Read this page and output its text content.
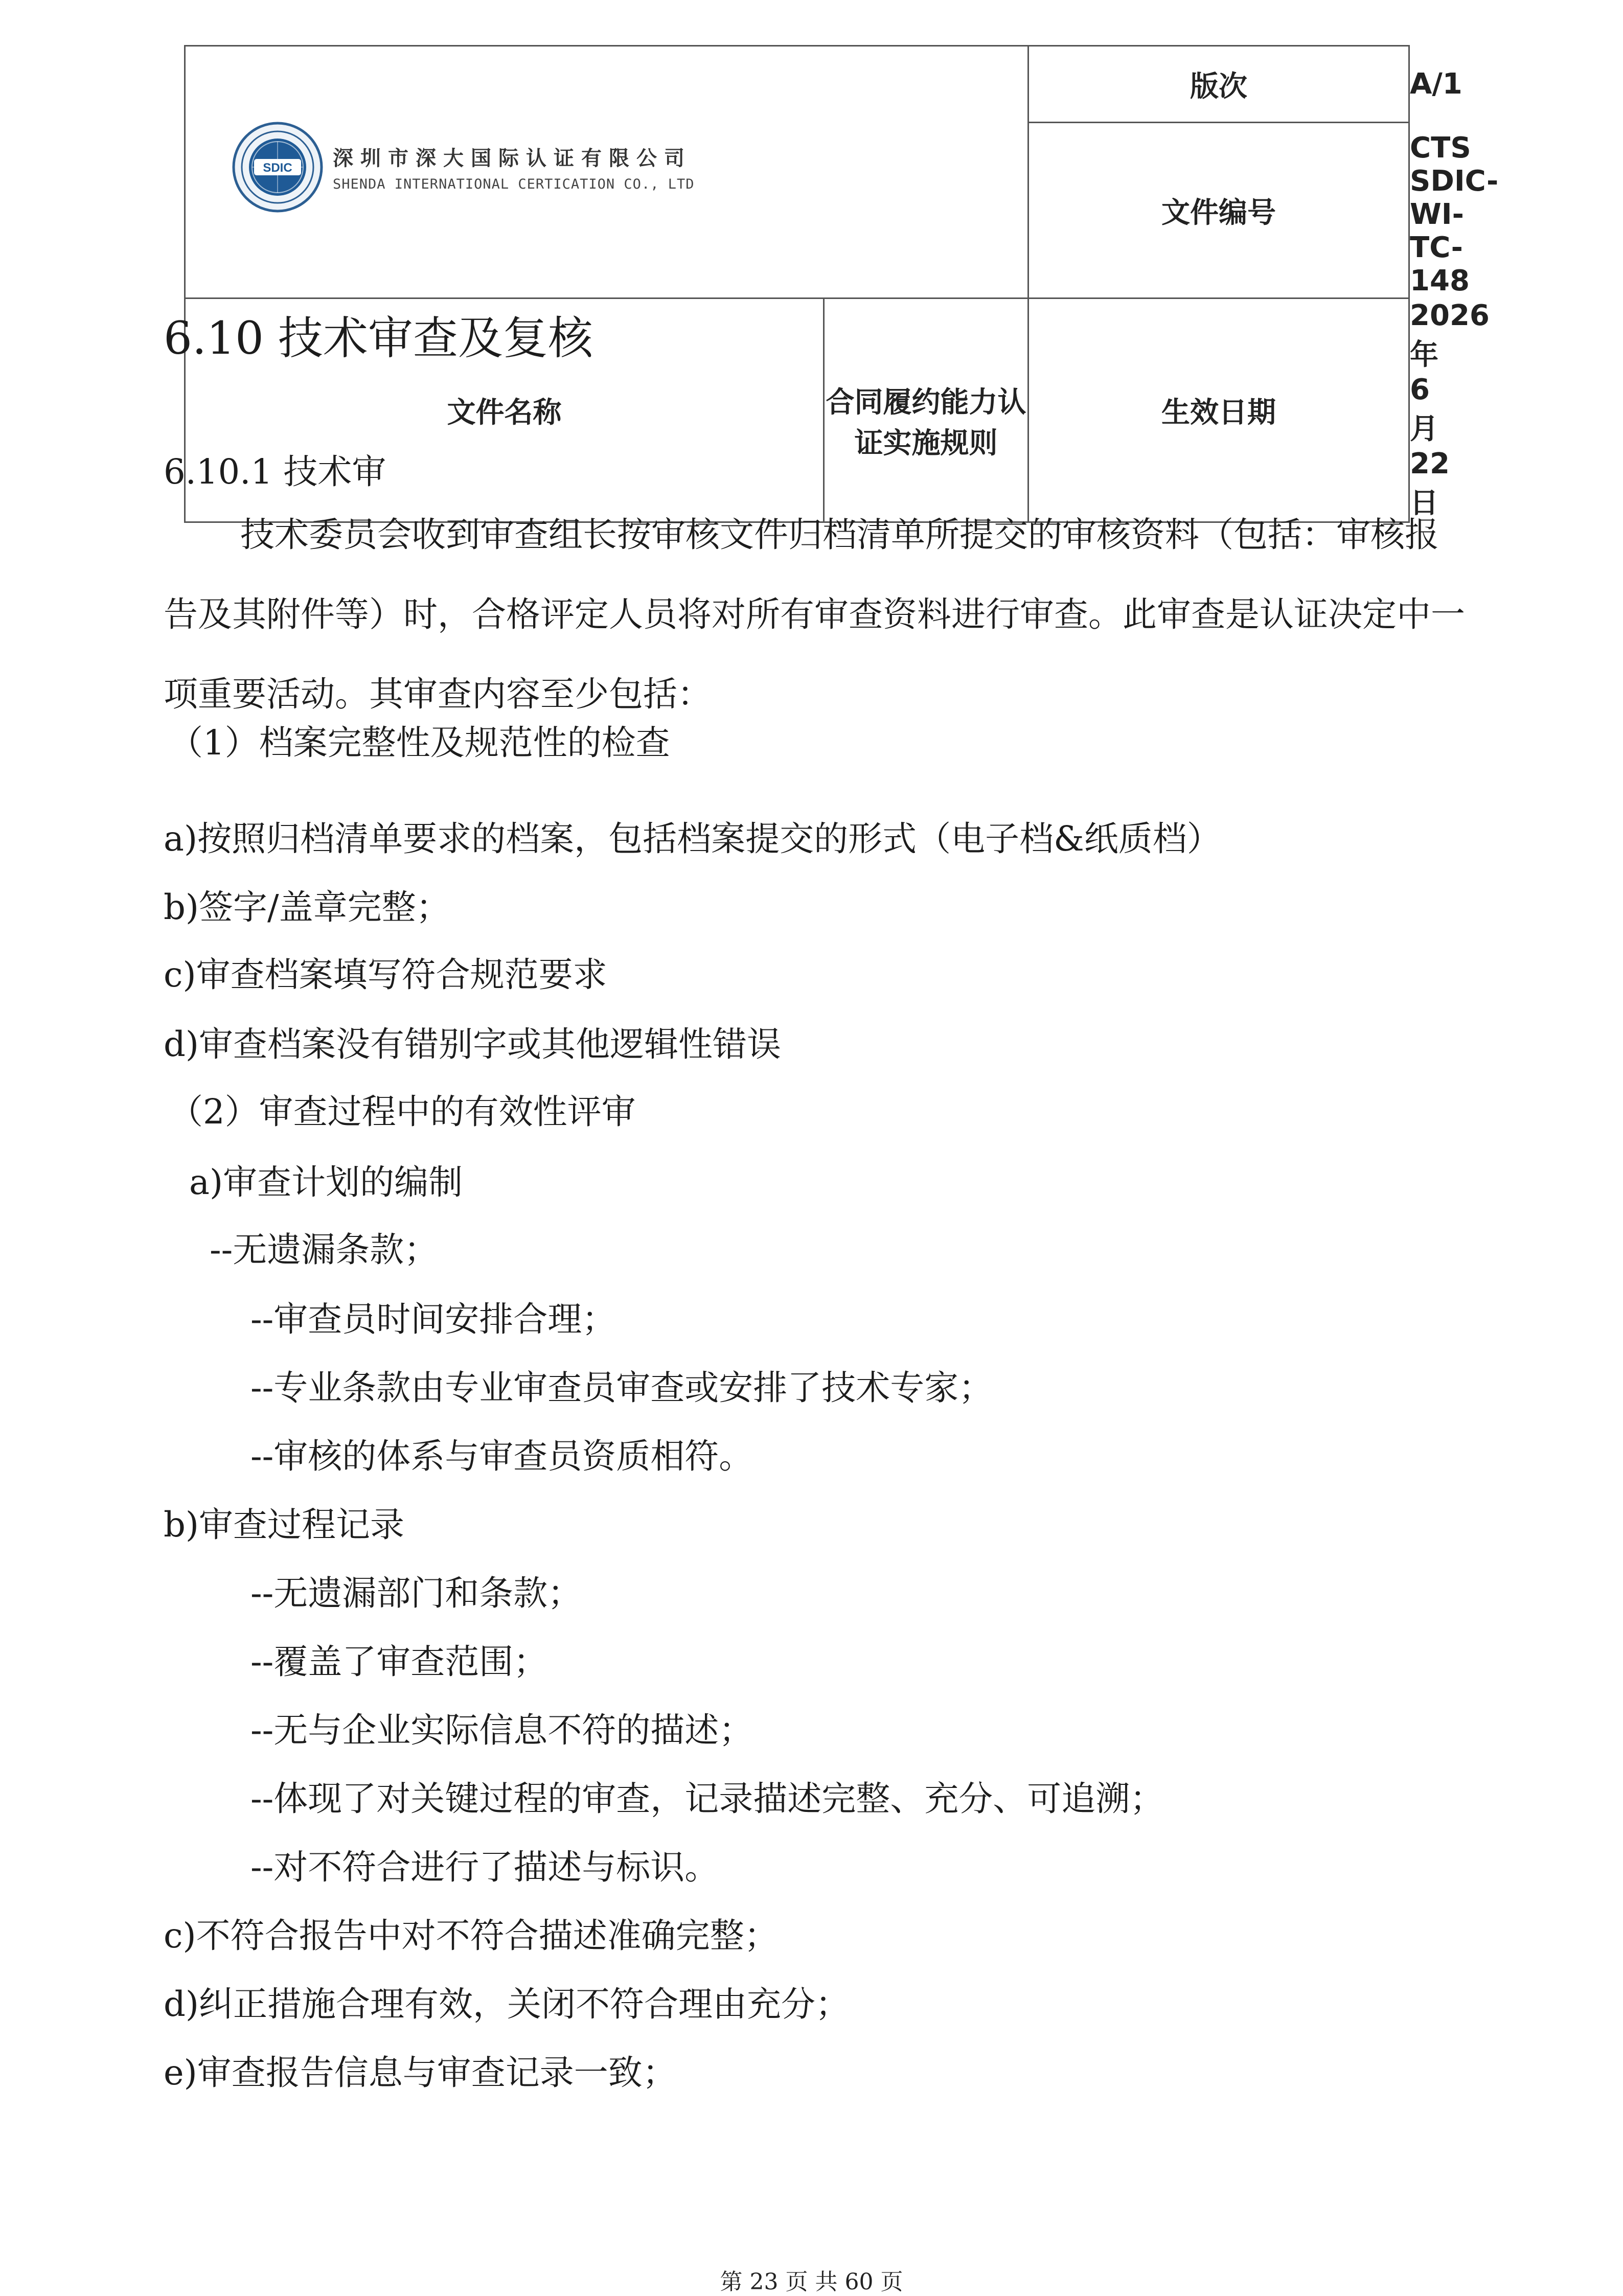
SDIC 深圳市深大国际认证有限公司
SHENDA INTERNATIONAL CERTICATION CO., LTD		版次	A/1
		文件编号	CTS SDIC-WI-TC-148
文件名称	合同履约能力认证实施规则	生效日期	2026年 6 月 22 日
6.10 技术审查及复核
6.10.1 技术审

技术委员会收到审查组长按审核文件归档清单所提交的审核资料（包括：审核报告及其附件等）时，合格评定人员将对所有审查资料进行审查。此审查是认证决定中一项重要活动。其审查内容至少包括：

（1）档案完整性及规范性的检查
a)按照归档清单要求的档案，包括档案提交的形式（电子档&纸质档）
b)签字/盖章完整；
c)审查档案填写符合规范要求
d)审查档案没有错别字或其他逻辑性错误
（2）审查过程中的有效性评审
a)审查计划的编制
--无遗漏条款；
--审查员时间安排合理；
--专业条款由专业审查员审查或安排了技术专家；
--审核的体系与审查员资质相符。
b)审查过程记录
--无遗漏部门和条款；
--覆盖了审查范围；
--无与企业实际信息不符的描述；
--体现了对关键过程的审查，记录描述完整、充分、可追溯；
--对不符合进行了描述与标识。
c)不符合报告中对不符合描述准确完整；
d)纠正措施合理有效，关闭不符合理由充分；
e)审查报告信息与审查记录一致；
第 23 页 共 60 页
